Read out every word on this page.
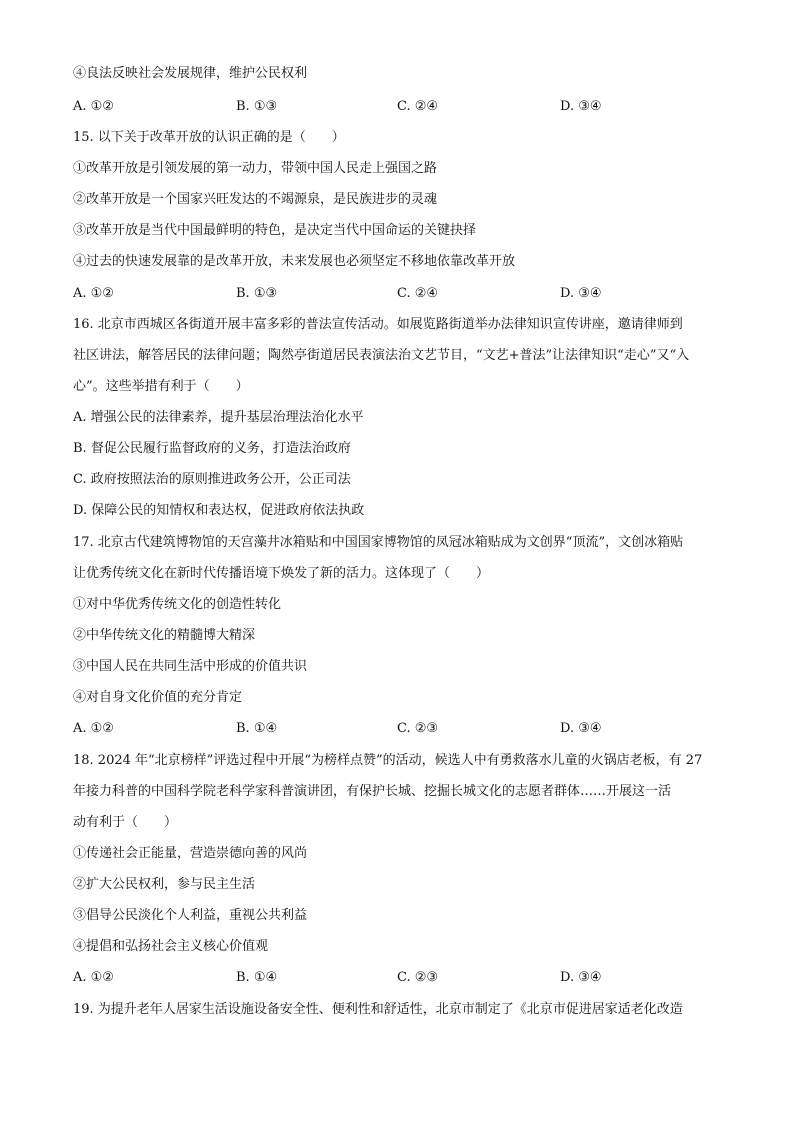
④良法反映社会发展规律，维护公民权利
A. ①②	B. ①③	C. ②④	D. ③④
15. 以下关于改革开放的认识正确的是（　　）
①改革开放是引领发展的第一动力，带领中国人民走上强国之路
②改革开放是一个国家兴旺发达的不竭源泉，是民族进步的灵魂
③改革开放是当代中国最鲜明的特色，是决定当代中国命运的关键抉择
④过去的快速发展靠的是改革开放，未来发展也必须坚定不移地依靠改革开放
A. ①②	B. ①③	C. ②④	D. ③④
16. 北京市西城区各街道开展丰富多彩的普法宣传活动。如展览路街道举办法律知识宣传讲座，邀请律师到
社区讲法，解答居民的法律问题；陶然亭街道居民表演法治文艺节目，“文艺+普法”让法律知识“走心”又“入
心”。这些举措有利于（　　）
A. 增强公民的法律素养，提升基层治理法治化水平
B. 督促公民履行监督政府的义务，打造法治政府
C. 政府按照法治的原则推进政务公开，公正司法
D. 保障公民的知情权和表达权，促进政府依法执政
17. 北京古代建筑博物馆的天宫藻井冰箱贴和中国国家博物馆的凤冠冰箱贴成为文创界“顶流”，文创冰箱贴
让优秀传统文化在新时代传播语境下焕发了新的活力。这体现了（　　）
①对中华优秀传统文化的创造性转化
②中华传统文化的精髓博大精深
③中国人民在共同生活中形成的价值共识
④对自身文化价值的充分肯定
A. ①②	B. ①④	C. ②③	D. ③④
18. 2024 年“北京榜样”评选过程中开展“为榜样点赞”的活动，候选人中有勇救落水儿童的火锅店老板，有 27
年接力科普的中国科学院老科学家科普演讲团，有保护长城、挖掘长城文化的志愿者群体……开展这一活
动有利于（　　）
①传递社会正能量，营造崇德向善的风尚
②扩大公民权利，参与民主生活
③倡导公民淡化个人利益，重视公共利益
④提倡和弘扬社会主义核心价值观
A. ①②	B. ①④	C. ②③	D. ③④
19. 为提升老年人居家生活设施设备安全性、便利性和舒适性，北京市制定了《北京市促进居家适老化改造
